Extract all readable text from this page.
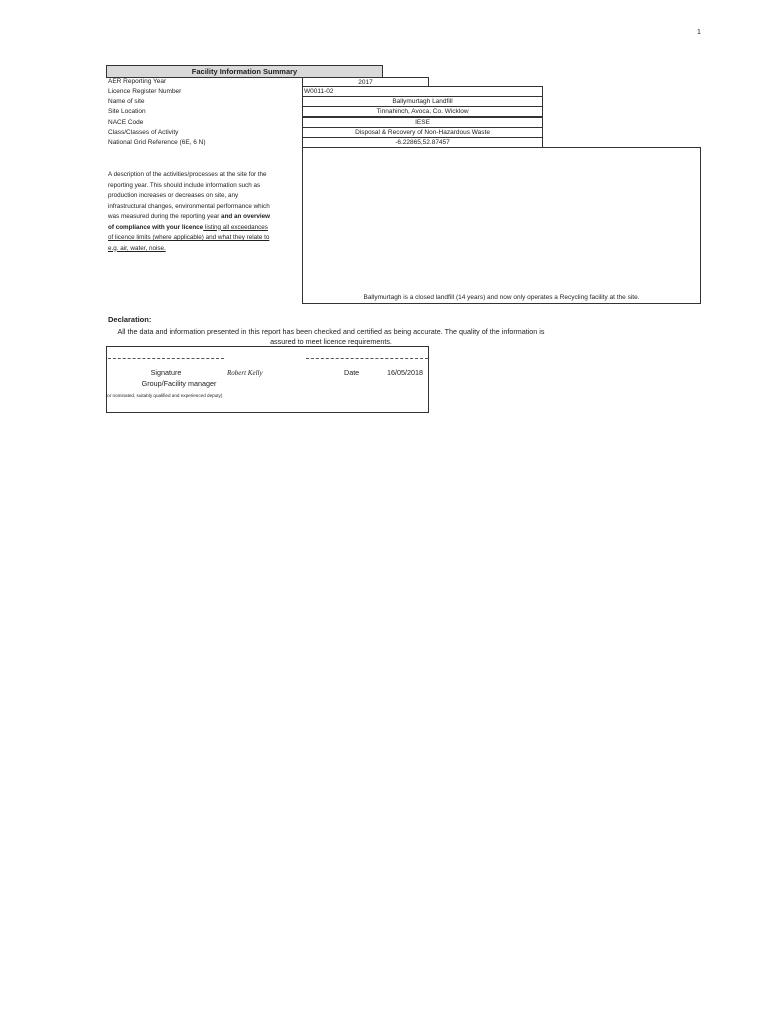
1
Facility Information Summary
AER Reporting Year
Licence Register Number
Name of site
Site Location
NACE Code
Class/Classes of Activity
National Grid Reference (6E, 6 N)
2017
W0011-02
Ballymurtagh Landfill
Tinnahinch, Avoca, Co. Wicklow
IESE
Disposal & Recovery of Non-Hazardous Waste
-6.22865,52.87457
A description of the activities/processes at the site for the reporting year. This should include information such as production increases or decreases on site, any infrastructural changes, environmental performance which was measured during the reporting year and an overview of compliance with your licence listing all exceedances of licence limits (where applicable) and what they relate to e.g. air, water, noise.
Ballymurtagh is a closed landfill (14 years) and now only operates a Recycling facility at the site.
Declaration:
All the data and information presented in this report has been checked and certified as being accurate. The quality of the information is assured to meet licence requirements.
Signature
Group/Facility manager
(or nominated, suitably qualified and experienced deputy)
Robert Kelly	Date	16/05/2018
